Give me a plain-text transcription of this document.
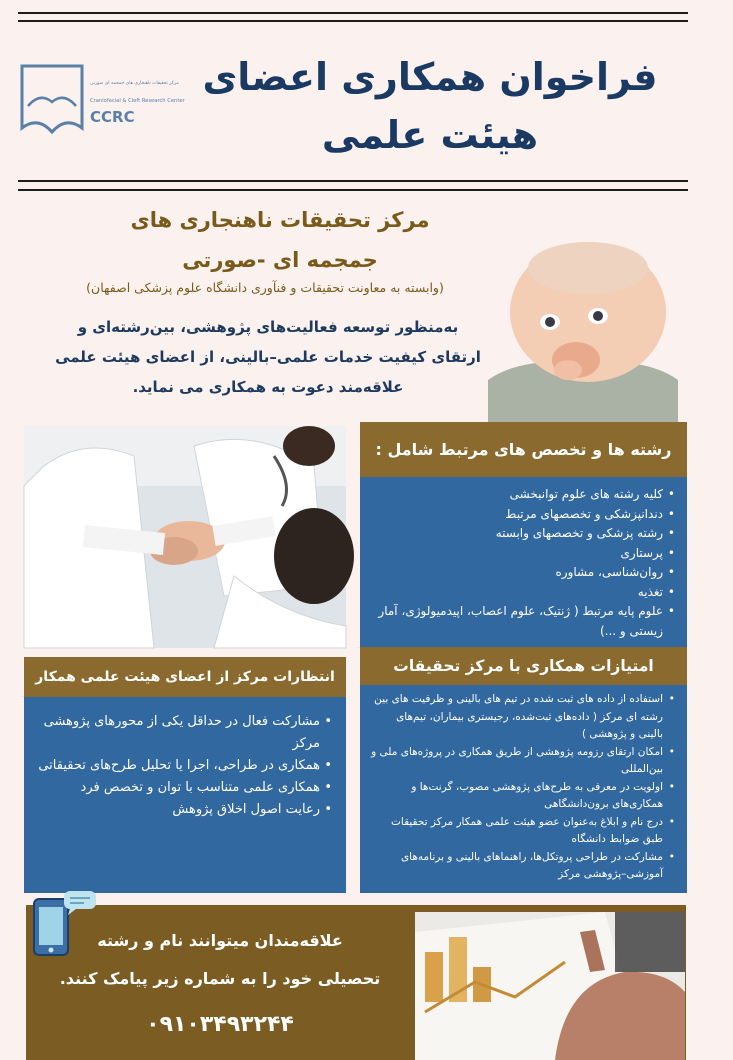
مرکز تحقیقات ناهنجاری های جمجمه ای صورتی
Craniofacial & Cleft Research Center
CCRC
فراخوان همکاری اعضای
هیئت علمی
مرکز تحقیقات ناهنجاری های
جمجمه ای -صورتی
(وابسته به معاونت تحقیقات و فنآوری دانشگاه علوم پزشکی اصفهان)
به‌منظور توسعه فعالیت‌های پژوهشی، بین‌رشته‌ای و
ارتقای کیفیت خدمات علمی–بالینی، از اعضای هیئت علمی
علاقه‌مند دعوت به همکاری می نماید.
رشته ها و تخصص های مرتبط شامل :
• کلیه رشته های علوم توانبخشی
• دندانپزشکی و تخصصهای مرتبط
• رشته پزشکی و تخصصهای وابسته
• پرستاری
• روان‌شناسی، مشاوره
• تغذیه
• علوم پایه مرتبط ( ژنتیک، علوم اعصاب، اپیدمیولوژی، آمار زیستی و ...)
انتظارات مرکز از اعضای هیئت علمی همکار
• مشارکت فعال در حداقل یکی از محورهای پژوهشی مرکز
• همکاری در طراحی، اجرا یا تحلیل طرح‌های تحقیقاتی
• همکاری علمی متناسب با توان و تخصص فرد
• رعایت اصول اخلاق پژوهش
امتیازات همکاری با مرکز تحقیقات
• استفاده از داده های ثبت شده در تیم های بالینی و ظرفیت های بین رشته ای مرکز ( داده‌های ثبت‌شده، رجیستری بیماران، تیم‌های بالینی و پژوهشی )
• امکان ارتقای رزومه پژوهشی از طریق همکاری در پروژه‌های ملی و بین‌المللی
• اولویت در معرفی به طرح‌های پژوهشی مصوب، گرنت‌ها و همکاری‌های برون‌دانشگاهی
• درج نام و ابلاغ به‌عنوان عضو هیئت علمی همکار مرکز تحقیقات طبق ضوابط دانشگاه
• مشارکت در طراحی پروتکل‌ها، راهنماهای بالینی و برنامه‌های آموزشی–پژوهشی مرکز
علاقه‌مندان میتوانند نام و رشته
تحصیلی خود را به شماره زیر پیامک کنند.
۰۹۱۰۳۴۹۳۲۴۴
